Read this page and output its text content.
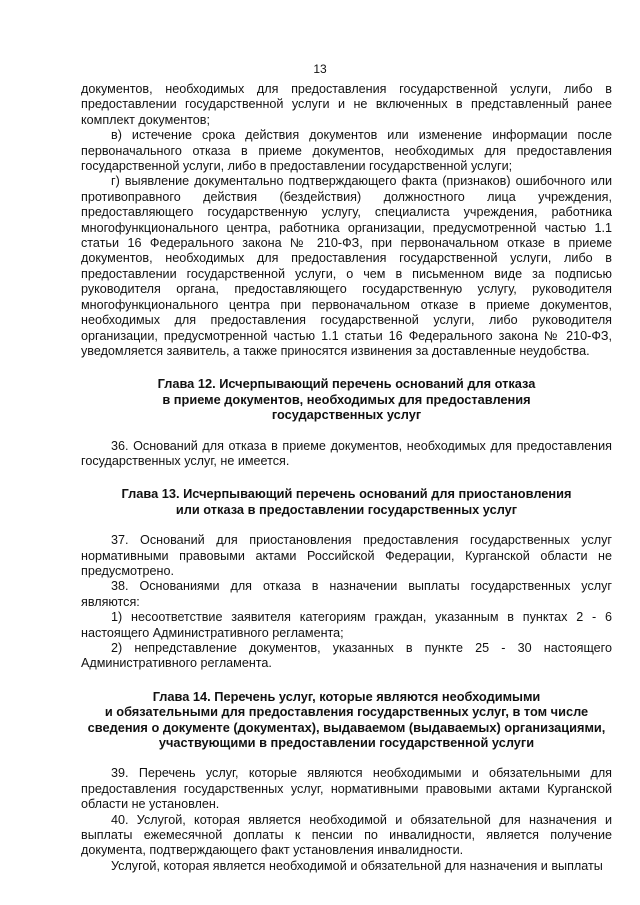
13

документов, необходимых для предоставления государственной услуги, либо в предоставлении государственной услуги и не включенных в представленный ранее комплект документов;

в) истечение срока действия документов или изменение информации после первоначального отказа в приеме документов, необходимых для предоставления государственной услуги, либо в предоставлении государственной услуги;

г) выявление документально подтверждающего факта (признаков) ошибочного или противоправного действия (бездействия) должностного лица учреждения, предоставляющего государственную услугу, специалиста учреждения, работника многофункционального центра, работника организации, предусмотренной частью 1.1 статьи 16 Федерального закона № 210-ФЗ, при первоначальном отказе в приеме документов, необходимых для предоставления государственной услуги, либо в предоставлении государственной услуги, о чем в письменном виде за подписью руководителя органа, предоставляющего государственную услугу, руководителя многофункционального центра при первоначальном отказе в приеме документов, необходимых для предоставления государственной услуги, либо руководителя организации, предусмотренной частью 1.1 статьи 16 Федерального закона № 210-ФЗ, уведомляется заявитель, а также приносятся извинения за доставленные неудобства.

Глава 12. Исчерпывающий перечень оснований для отказа
в приеме документов, необходимых для предоставления
государственных услуг

36. Оснований для отказа в приеме документов, необходимых для предоставления государственных услуг, не имеется.

Глава 13. Исчерпывающий перечень оснований для приостановления
или отказа в предоставлении государственных услуг

37. Оснований для приостановления предоставления государственных услуг нормативными правовыми актами Российской Федерации, Курганской области не предусмотрено.

38. Основаниями для отказа в назначении выплаты государственных услуг являются:

1) несоответствие заявителя категориям граждан, указанным в пунктах 2 - 6 настоящего Административного регламента;

2) непредставление документов, указанных в пункте 25 - 30 настоящего Административного регламента.

Глава 14. Перечень услуг, которые являются необходимыми
и обязательными для предоставления государственных услуг, в том числе
сведения о документе (документах), выдаваемом (выдаваемых) организациями,
участвующими в предоставлении государственной услуги

39. Перечень услуг, которые являются необходимыми и обязательными для предоставления государственных услуг, нормативными правовыми актами Курганской области не установлен.

40. Услугой, которая является необходимой и обязательной для назначения и выплаты ежемесячной доплаты к пенсии по инвалидности, является получение документа, подтверждающего факт установления инвалидности.

Услугой, которая является необходимой и обязательной для назначения и выплаты
